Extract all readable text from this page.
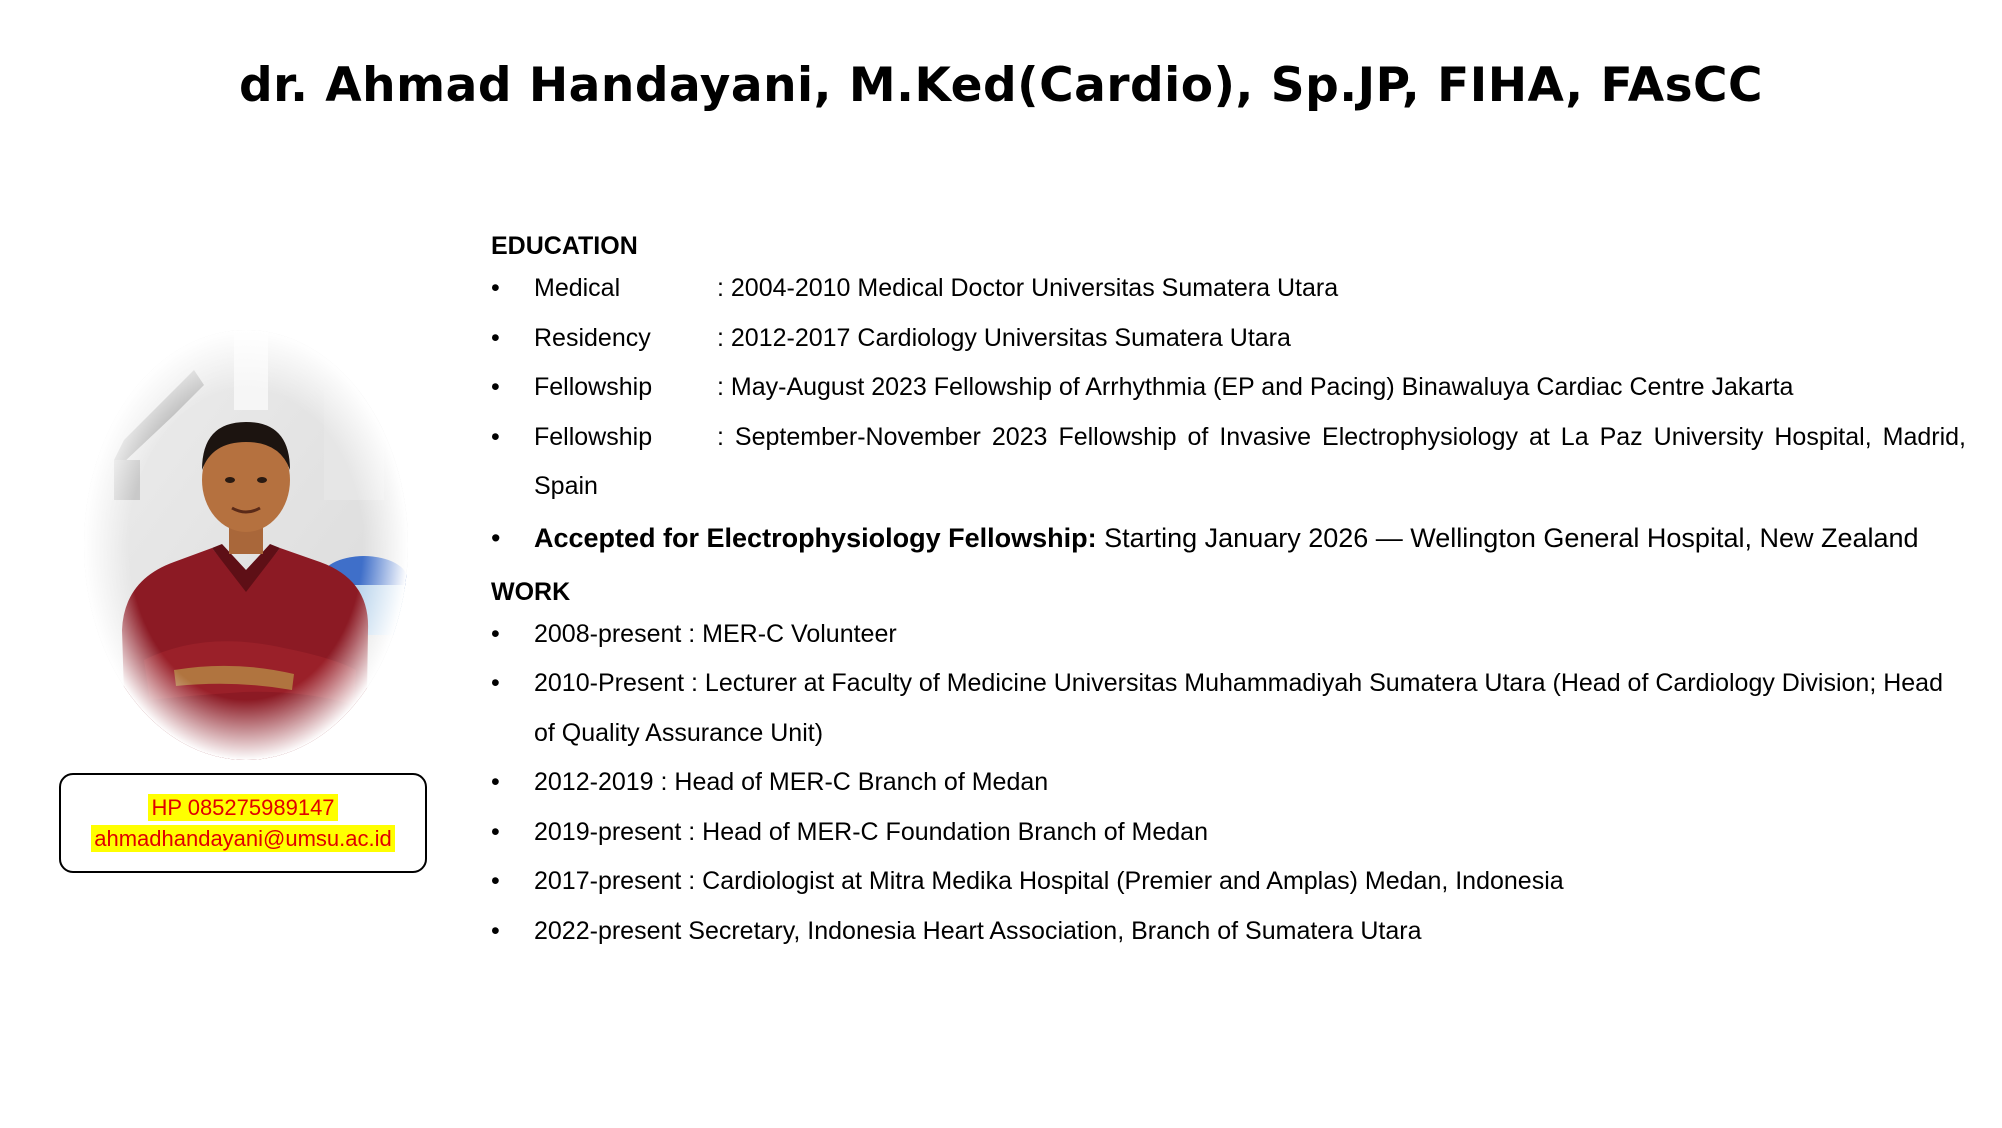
dr. Ahmad Handayani, M.Ked(Cardio), Sp.JP, FIHA, FAsCC
HP 085275989147
ahmadhandayani@umsu.ac.id
EDUCATION
• Medical	: 2004-2010 Medical Doctor Universitas Sumatera Utara
• Residency	: 2012-2017 Cardiology Universitas Sumatera Utara
• Fellowship	: May-August 2023 Fellowship of Arrhythmia (EP and Pacing) Binawaluya Cardiac Centre Jakarta
• Fellowship	: September-November 2023 Fellowship of Invasive Electrophysiology at La Paz University Hospital, Madrid, Spain
• Accepted for Electrophysiology Fellowship: Starting January 2026 — Wellington General Hospital, New Zealand
WORK
• 2008-present : MER-C Volunteer
• 2010-Present : Lecturer at Faculty of Medicine Universitas Muhammadiyah Sumatera Utara (Head of Cardiology Division; Head of Quality Assurance Unit)
• 2012-2019 : Head of MER-C Branch of Medan
• 2019-present : Head of MER-C Foundation Branch of Medan
• 2017-present : Cardiologist at Mitra Medika Hospital (Premier and Amplas) Medan, Indonesia
• 2022-present Secretary, Indonesia Heart Association, Branch of Sumatera Utara
